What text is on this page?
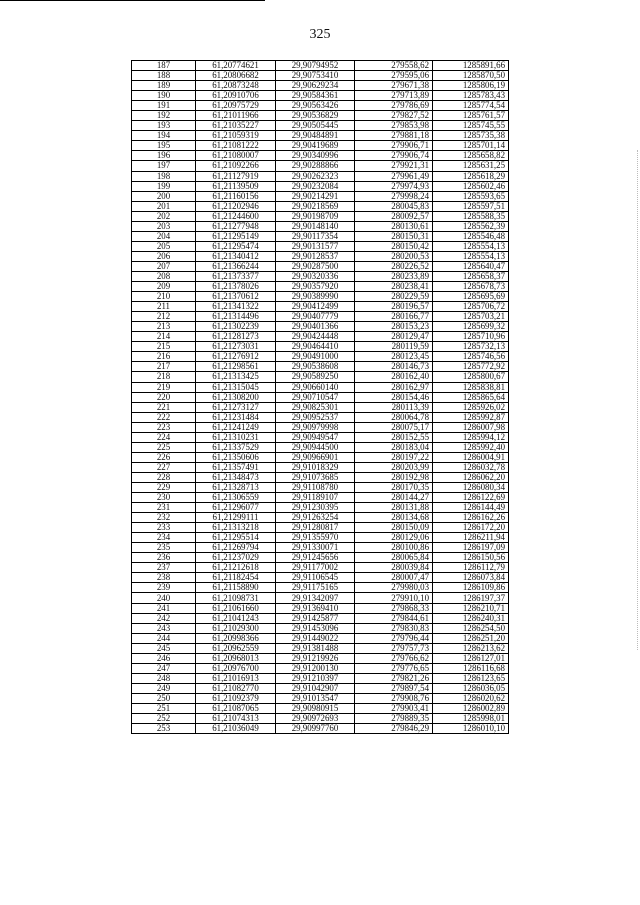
325
187	61,20774621	29,90794952	279558,62	1285891,66
188	61,20806682	29,90753410	279595,06	1285870,50
189	61,20873248	29,90629234	279671,38	1285806,19
190	61,20910706	29,90584361	279713,89	1285783,43
191	61,20975729	29,90563426	279786,69	1285774,54
192	61,21011966	29,90536829	279827,52	1285761,57
193	61,21035227	29,90505445	279853,98	1285745,55
194	61,21059319	29,90484891	279881,18	1285735,38
195	61,21081222	29,90419689	279906,71	1285701,14
196	61,21080007	29,90340996	279906,74	1285658,82
197	61,21092266	29,90288866	279921,31	1285631,25
198	61,21127919	29,90262323	279961,49	1285618,29
199	61,21139509	29,90232084	279974,93	1285602,46
200	61,21160156	29,90214291	279998,24	1285593,65
201	61,21202946	29,90218569	280045,83	1285597,51
202	61,21244600	29,90198709	280092,57	1285588,35
203	61,21277948	29,90148140	280130,61	1285562,39
204	61,21295149	29,90117354	280150,31	1285546,48
205	61,21295474	29,90131577	280150,42	1285554,13
206	61,21340412	29,90128537	280200,53	1285554,13
207	61,21366244	29,90287500	280226,52	1285640,47
208	61,21373377	29,90320336	280233,89	1285658,37
209	61,21378026	29,90357920	280238,41	1285678,73
210	61,21370612	29,90389990	280229,59	1285695,69
211	61,21341322	29,90412499	280196,57	1285706,72
212	61,21314496	29,90407779	280166,77	1285703,21
213	61,21302239	29,90401366	280153,23	1285699,32
214	61,21281273	29,90424448	280129,47	1285710,96
215	61,21273031	29,90464410	280119,59	1285732,13
216	61,21276912	29,90491000	280123,45	1285746,56
217	61,21298561	29,90538608	280146,73	1285772,92
218	61,21313425	29,90589250	280162,40	1285800,67
219	61,21315045	29,90660140	280162,97	1285838,81
220	61,21308200	29,90710547	280154,46	1285865,64
221	61,21273127	29,90825301	280113,39	1285926,02
222	61,21231484	29,90952537	280064,78	1285992,87
223	61,21241249	29,90979998	280075,17	1286007,98
224	61,21310231	29,90949547	280152,55	1285994,12
225	61,21337529	29,90944500	280183,04	1285992,40
226	61,21350606	29,90966901	280197,22	1286004,91
227	61,21357491	29,91018329	280203,99	1286032,78
228	61,21348473	29,91073685	280192,98	1286062,20
229	61,21328713	29,91108780	280170,35	1286080,34
230	61,21306559	29,91189107	280144,27	1286122,69
231	61,21296077	29,91230395	280131,88	1286144,49
232	61,21299111	29,91263254	280134,68	1286162,26
233	61,21313218	29,91280817	280150,09	1286172,20
234	61,21295514	29,91355970	280129,06	1286211,94
235	61,21269794	29,91330071	280100,86	1286197,09
236	61,21237029	29,91245656	280065,84	1286150,56
237	61,21212618	29,91177002	280039,84	1286112,79
238	61,21182454	29,91106545	280007,47	1286073,84
239	61,21158890	29,91175165	279980,03	1286109,86
240	61,21098731	29,91342097	279910,10	1286197,37
241	61,21061660	29,91369410	279868,33	1286210,71
242	61,21041243	29,91425877	279844,61	1286240,31
243	61,21029300	29,91453096	279830,83	1286254,50
244	61,20998366	29,91449022	279796,44	1286251,20
245	61,20962559	29,91381488	279757,73	1286213,62
246	61,20968013	29,91219926	279766,62	1286127,01
247	61,20976700	29,91200130	279776,65	1286116,68
248	61,21016913	29,91210397	279821,26	1286123,65
249	61,21082770	29,91042907	279897,54	1286036,05
250	61,21092379	29,91013547	279908,76	1286020,62
251	61,21087065	29,90980915	279903,41	1286002,89
252	61,21074313	29,90972693	279889,35	1285998,01
253	61,21036049	29,90997760	279846,29	1286010,10
